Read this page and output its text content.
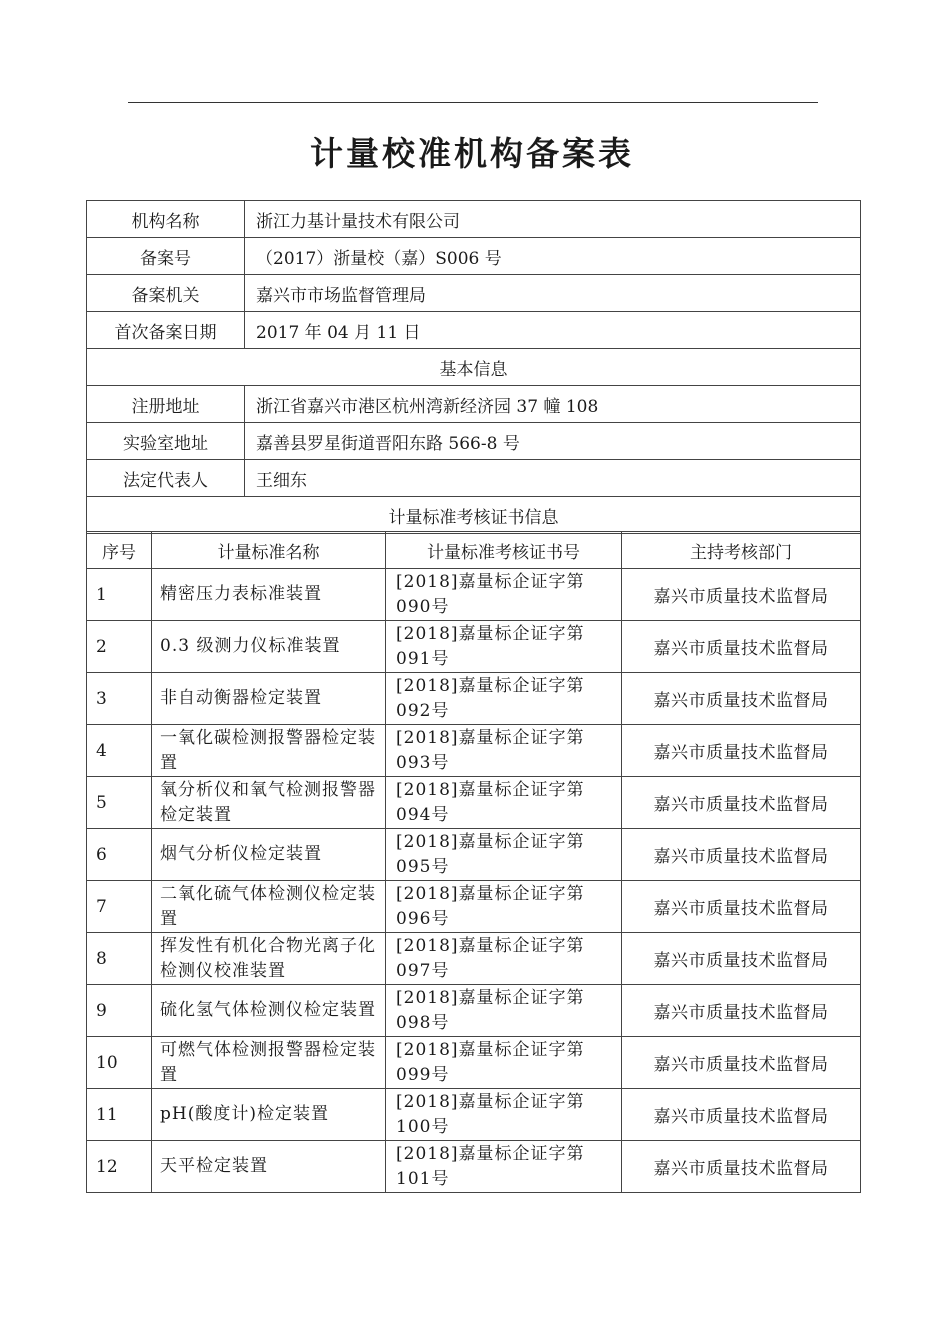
计量校准机构备案表
机构名称	浙江力基计量技术有限公司
备案号	（2017）浙量校（嘉）S006 号
备案机关	嘉兴市市场监督管理局
首次备案日期	2017 年 04 月 11 日
基本信息	
注册地址	浙江省嘉兴市港区杭州湾新经济园 37 幢 108
实验室地址	嘉善县罗星街道晋阳东路 566-8 号
法定代表人	王细东
计量标准考核证书信息	
序号	计量标准名称	计量标准考核证书号	主持考核部门
1	精密压力表标准装置	[2018]嘉量标企证字第090号	嘉兴市质量技术监督局
2	0.3 级测力仪标准装置	[2018]嘉量标企证字第091号	嘉兴市质量技术监督局
3	非自动衡器检定装置	[2018]嘉量标企证字第092号	嘉兴市质量技术监督局
4	一氧化碳检测报警器检定装置	[2018]嘉量标企证字第093号	嘉兴市质量技术监督局
5	氧分析仪和氧气检测报警器检定装置	[2018]嘉量标企证字第094号	嘉兴市质量技术监督局
6	烟气分析仪检定装置	[2018]嘉量标企证字第095号	嘉兴市质量技术监督局
7	二氧化硫气体检测仪检定装置	[2018]嘉量标企证字第096号	嘉兴市质量技术监督局
8	挥发性有机化合物光离子化检测仪校准装置	[2018]嘉量标企证字第097号	嘉兴市质量技术监督局
9	硫化氢气体检测仪检定装置	[2018]嘉量标企证字第098号	嘉兴市质量技术监督局
10	可燃气体检测报警器检定装置	[2018]嘉量标企证字第099号	嘉兴市质量技术监督局
11	pH(酸度计)检定装置	[2018]嘉量标企证字第100号	嘉兴市质量技术监督局
12	天平检定装置	[2018]嘉量标企证字第101号	嘉兴市质量技术监督局
